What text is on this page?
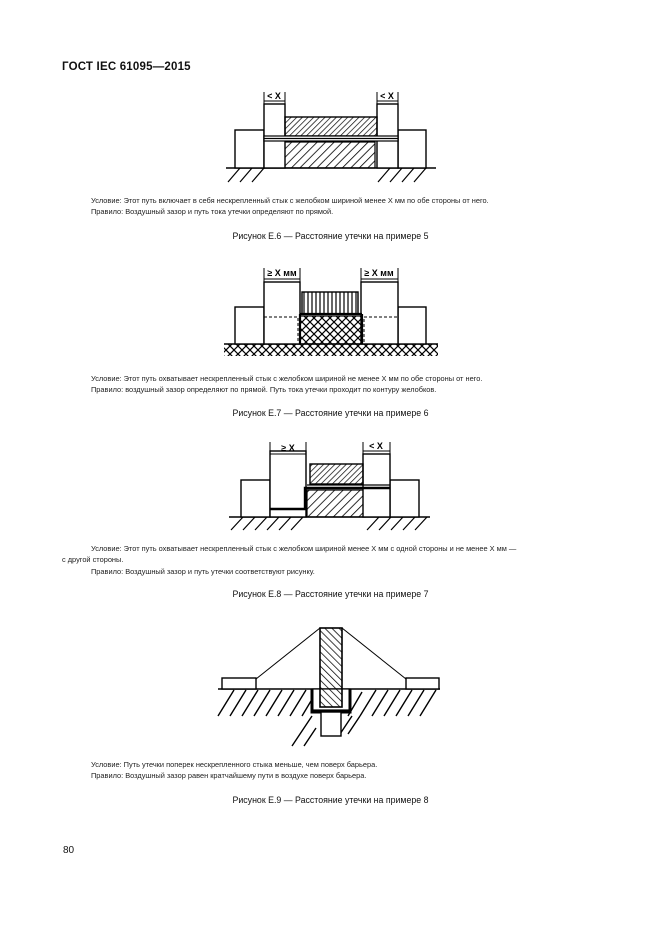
ГОСТ IEC 61095—2015
< X	< X
Условие: Этот путь включает в себя нескрепленный стык с желобком шириной менее X мм по обе стороны от него.
Правило: Воздушный зазор и путь тока утечки определяют по прямой.
Рисунок Е.6 — Расстояние утечки на примере 5
≥ X мм	≥ X мм
Условие: Этот путь охватывает нескрепленный стык с желобком шириной не менее X мм по обе стороны от него.
Правило: воздушный зазор определяют по прямой. Путь тока утечки проходит по контуру желобков.
Рисунок Е.7 — Расстояние утечки на примере 6
≥ X	< X
Условие: Этот путь охватывает нескрепленный стык с желобком шириной менее X мм с одной стороны и не менее X мм —
с другой стороны.
Правило: Воздушный зазор и путь утечки соответствуют рисунку.
Рисунок Е.8 — Расстояние утечки на примере 7
Условие: Путь утечки поперек нескрепленного стыка меньше, чем поверх барьера.
Правило: Воздушный зазор равен кратчайшему пути в воздухе поверх барьера.
Рисунок Е.9 — Расстояние утечки на примере 8
80
